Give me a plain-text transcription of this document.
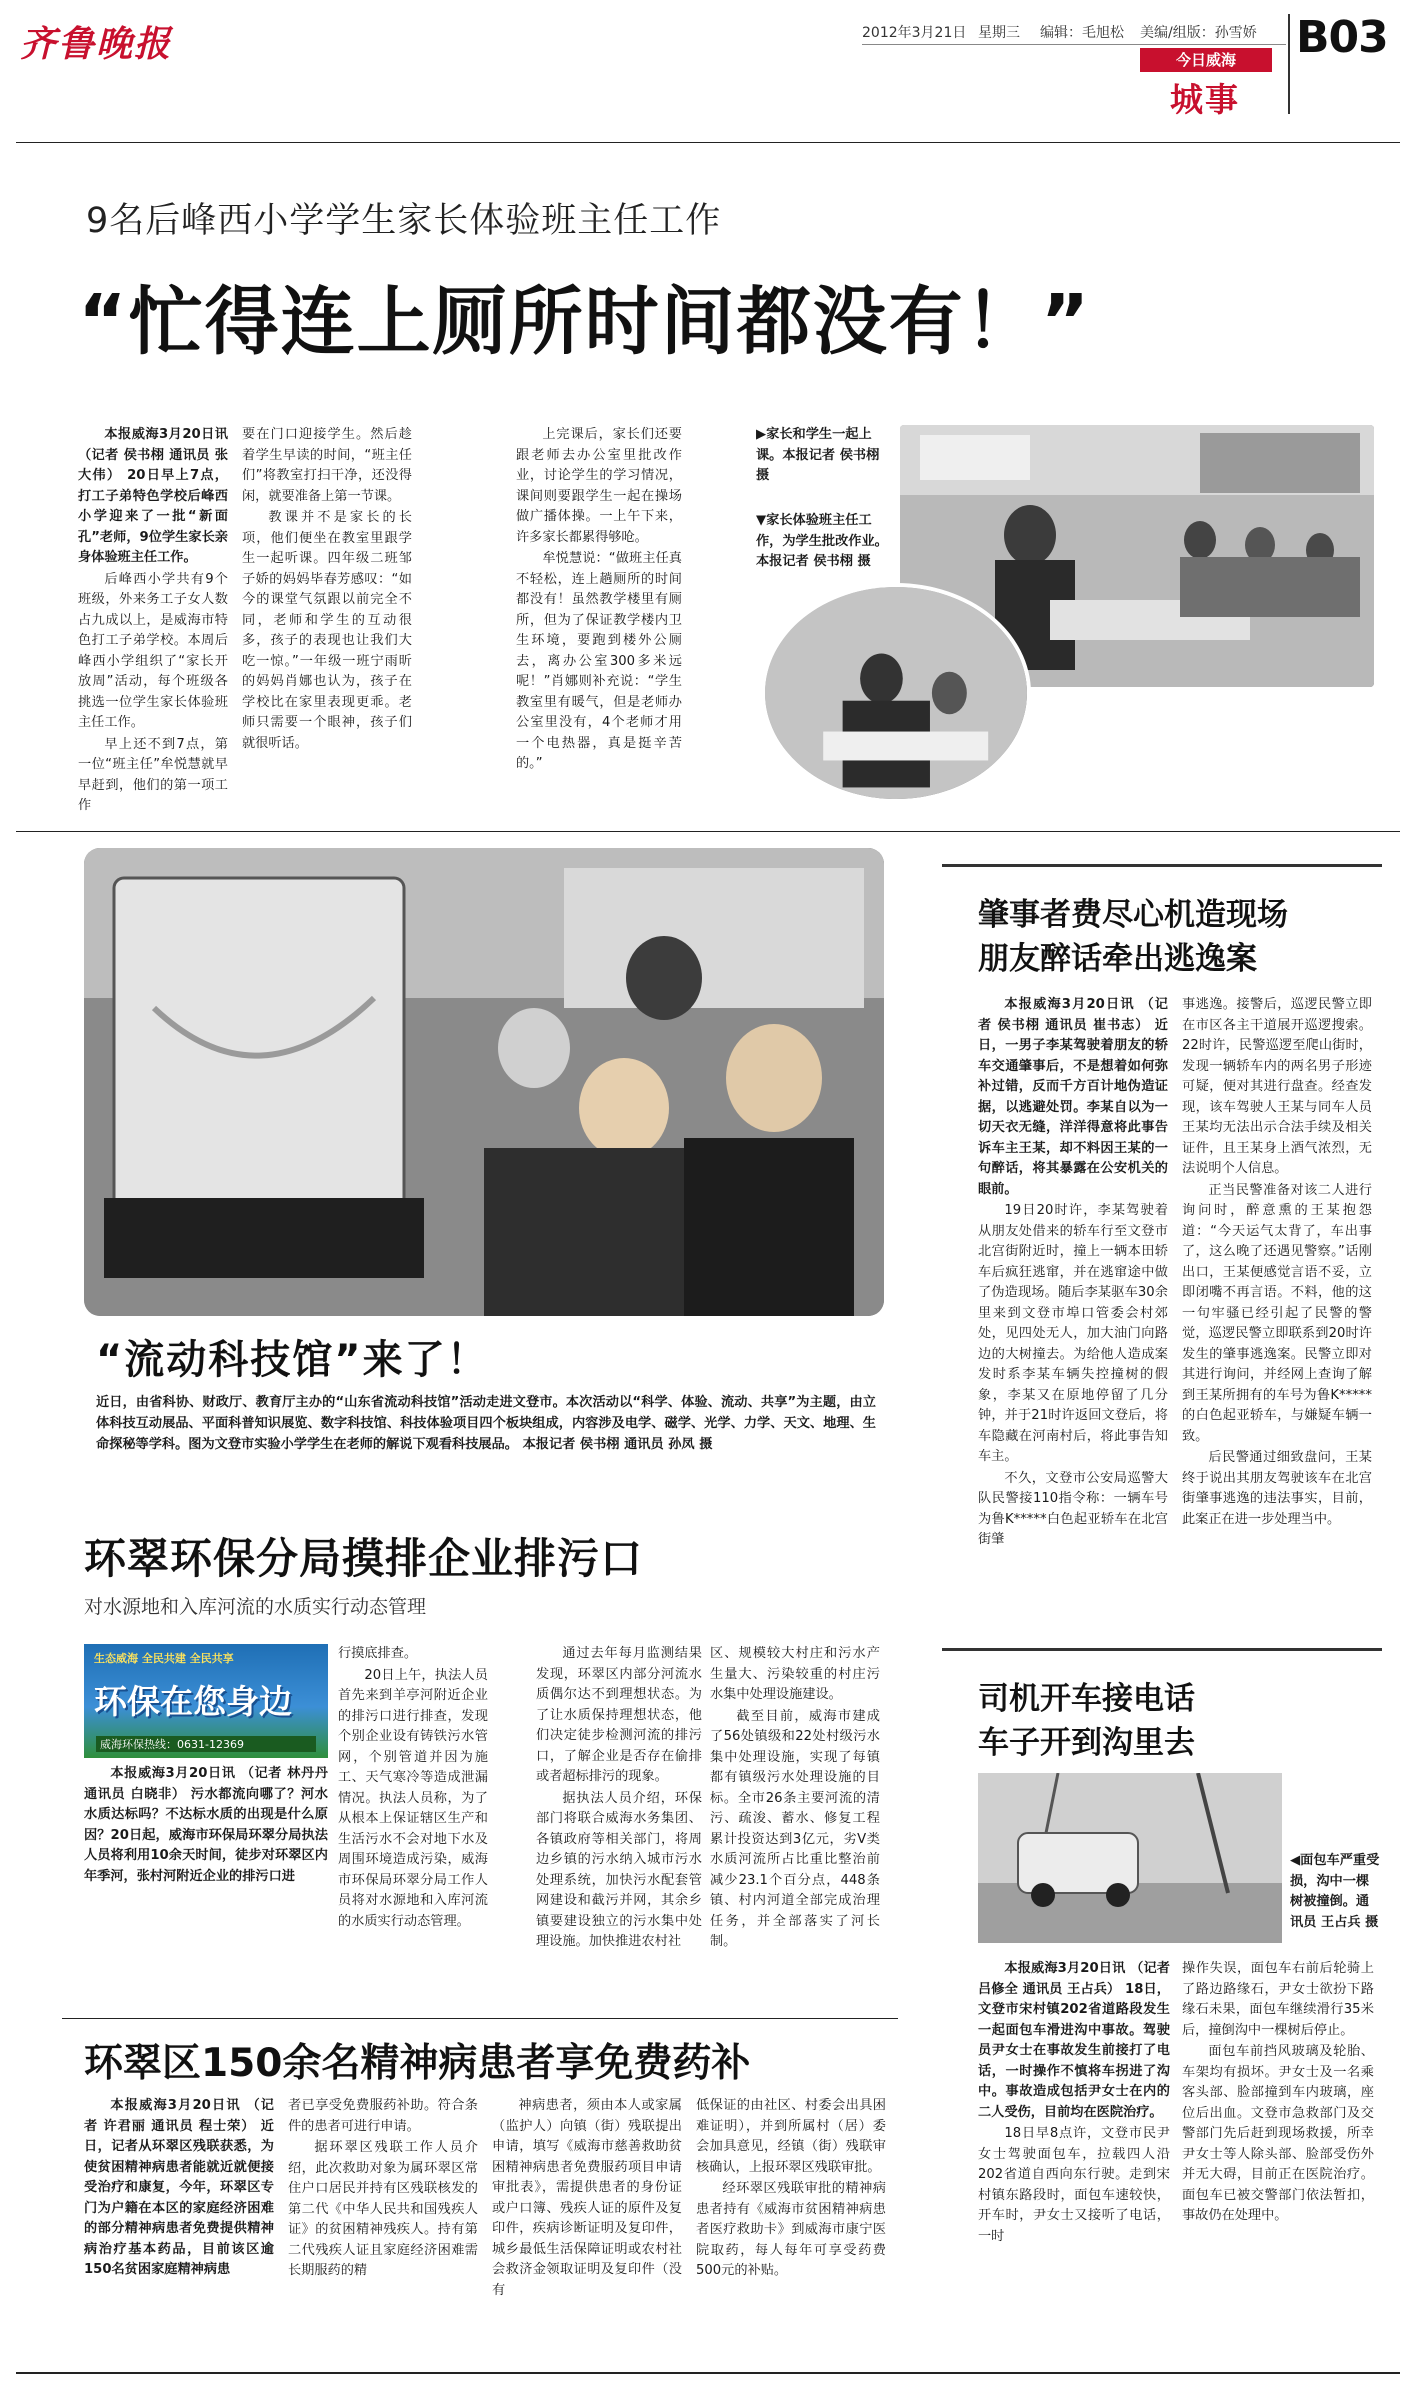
齐鲁晚报	2012年3月21日 星期三 编辑：毛旭松 美编/组版：孙雪娇
今日威海
城事
B03
9名后峰西小学学生家长体验班主任工作
“忙得连上厕所时间都没有！”

本报威海3月20日讯 （记者 侯书栩 通讯员 张大伟） 20日早上7点，打工子弟特色学校后峰西小学迎来了一批“新面孔”老师，9位学生家长亲身体验班主任工作。

后峰西小学共有9个班级，外来务工子女人数占九成以上，是威海市特色打工子弟学校。本周后峰西小学组织了“家长开放周”活动，每个班级各挑选一位学生家长体验班主任工作。

早上还不到7点，第一位“班主任”牟悦慧就早早赶到，他们的第一项工作

要在门口迎接学生。然后趁着学生早读的时间，“班主任们”将教室打扫干净，还没得闲，就要准备上第一节课。

教课并不是家长的长项，他们便坐在教室里跟学生一起听课。四年级二班邹子娇的妈妈毕春芳感叹：“如今的课堂气氛跟以前完全不同，老师和学生的互动很多，孩子的表现也让我们大吃一惊。”一年级一班宁雨昕的妈妈肖娜也认为，孩子在学校比在家里表现更乖。老师只需要一个眼神，孩子们就很听话。

上完课后，家长们还要跟老师去办公室里批改作业，讨论学生的学习情况，课间则要跟学生一起在操场做广播体操。一上午下来，许多家长都累得够呛。

牟悦慧说：“做班主任真不轻松，连上趟厕所的时间都没有！虽然教学楼里有厕所，但为了保证教学楼内卫生环境，要跑到楼外公厕去，离办公室300多米远呢！”肖娜则补充说：“学生教室里有暖气，但是老师办公室里没有，4个老师才用一个电热器，真是挺辛苦的。”

▶家长和学生一起上课。本报记者 侯书栩 摄
▼家长体验班主任工作，为学生批改作业。本报记者 侯书栩 摄
“流动科技馆”来了！
近日，由省科协、财政厅、教育厅主办的“山东省流动科技馆”活动走进文登市。本次活动以“科学、体验、流动、共享”为主题，由立体科技互动展品、平面科普知识展览、数字科技馆、科技体验项目四个板块组成，内容涉及电学、磁学、光学、力学、天文、地理、生命探秘等学科。图为文登市实验小学学生在老师的解说下观看科技展品。 本报记者 侯书栩 通讯员 孙凤 摄
肇事者费尽心机造现场
朋友醉话牵出逃逸案

本报威海3月20日讯 （记者 侯书栩 通讯员 崔书志） 近日，一男子李某驾驶着朋友的轿车交通肇事后，不是想着如何弥补过错，反而千方百计地伪造证据，以逃避处罚。李某自以为一切天衣无缝，洋洋得意将此事告诉车主王某，却不料因王某的一句醉话，将其暴露在公安机关的眼前。

19日20时许，李某驾驶着从朋友处借来的轿车行至文登市北宫街附近时，撞上一辆本田轿车后疯狂逃窜，并在逃窜途中做了伪造现场。随后李某驱车30余里来到文登市埠口管委会村郊处，见四处无人，加大油门向路边的大树撞去。为给他人造成案发时系李某车辆失控撞树的假象，李某又在原地停留了几分钟，并于21时许返回文登后，将车隐藏在河南村后，将此事告知车主。

不久，文登市公安局巡警大队民警接110指令称：一辆车号为鲁K*****白色起亚轿车在北宫街肇

事逃逸。接警后，巡逻民警立即在市区各主干道展开巡逻搜索。22时许，民警巡逻至爬山街时，发现一辆轿车内的两名男子形迹可疑，便对其进行盘查。经查发现，该车驾驶人王某与同车人员王某均无法出示合法手续及相关证件，且王某身上酒气浓烈，无法说明个人信息。

正当民警准备对该二人进行询问时，醉意熏的王某抱怨道：“今天运气太背了，车出事了，这么晚了还遇见警察。”话刚出口，王某便感觉言语不妥，立即闭嘴不再言语。不料，他的这一句牢骚已经引起了民警的警觉，巡逻民警立即联系到20时许发生的肇事逃逸案。民警立即对其进行询问，并经网上查询了解到王某所拥有的车号为鲁K*****的白色起亚轿车，与嫌疑车辆一致。

后民警通过细致盘问，王某终于说出其朋友驾驶该车在北宫街肇事逃逸的违法事实，目前，此案正在进一步处理当中。

环翠环保分局摸排企业排污口
对水源地和入库河流的水质实行动态管理
生态威海 全民共建 全民共享
环保在您身边
威海环保热线：0631-12369

本报威海3月20日讯 （记者 林丹丹 通讯员 白晓非） 污水都流向哪了？河水水质达标吗？不达标水质的出现是什么原因？20日起，威海市环保局环翠分局执法人员将利用10余天时间，徒步对环翠区内年季河，张村河附近企业的排污口进

行摸底排查。

20日上午，执法人员首先来到羊亭河附近企业的排污口进行排查，发现个别企业设有铸铁污水管网，个别管道并因为施工、天气寒冷等造成泄漏情况。执法人员称，为了从根本上保证辖区生产和生活污水不会对地下水及周围环境造成污染，威海市环保局环翠分局工作人员将对水源地和入库河流的水质实行动态管理。

通过去年每月监测结果发现，环翠区内部分河流水质偶尔达不到理想状态。为了让水质保持理想状态，他们决定徒步检测河流的排污口，了解企业是否存在偷排或者超标排污的现象。

据执法人员介绍，环保部门将联合威海水务集团、各镇政府等相关部门，将周边乡镇的污水纳入城市污水处理系统，加快污水配套管网建设和截污并网，其余乡镇要建设独立的污水集中处理设施。加快推进农村社

区、规模较大村庄和污水产生量大、污染较重的村庄污水集中处理设施建设。

截至目前，威海市建成了56处镇级和22处村级污水集中处理设施，实现了每镇都有镇级污水处理设施的目标。全市26条主要河流的清污、疏浚、蓄水、修复工程累计投资达到3亿元，劣Ⅴ类水质河流所占比重比整治前减少23.1个百分点，448条镇、村内河道全部完成治理任务，并全部落实了河长制。

司机开车接电话
车子开到沟里去
◀面包车严重受损，沟中一棵树被撞倒。通讯员 王占兵 摄

本报威海3月20日讯 （记者 吕修全 通讯员 王占兵） 18日，文登市宋村镇202省道路段发生一起面包车滑进沟中事故。驾驶员尹女士在事故发生前接打了电话，一时操作不慎将车拐进了沟中。事故造成包括尹女士在内的二人受伤，目前均在医院治疗。

18日早8点许，文登市民尹女士驾驶面包车，拉载四人沿202省道自西向东行驶。走到宋村镇东路段时，面包车速较快，开车时，尹女士又接听了电话，一时

操作失误，面包车右前后轮骑上了路边路缘石，尹女士欲扮下路缘石未果，面包车继续滑行35米后，撞倒沟中一棵树后停止。

面包车前挡风玻璃及轮胎、车架均有损坏。尹女士及一名乘客头部、脸部撞到车内玻璃，座位后出血。文登市急救部门及交警部门先后赶到现场救援，所幸尹女士等人除头部、脸部受伤外并无大碍，目前正在医院治疗。面包车已被交警部门依法暂扣，事故仍在处理中。

环翠区150余名精神病患者享免费药补

本报威海3月20日讯 （记者 许君丽 通讯员 程士荣） 近日，记者从环翠区残联获悉，为使贫困精神病患者能就近就便接受治疗和康复，今年，环翠区专门为户籍在本区的家庭经济困难的部分精神病患者免费提供精神病治疗基本药品，目前该区逾150名贫困家庭精神病患

者已享受免费服药补助。符合条件的患者可进行申请。

据环翠区残联工作人员介绍，此次救助对象为属环翠区常住户口居民并持有区残联核发的第二代《中华人民共和国残疾人证》的贫困精神残疾人。持有第二代残疾人证且家庭经济困难需长期服药的精

神病患者，须由本人或家属（监护人）向镇（街）残联提出申请，填写《威海市慈善救助贫困精神病患者免费服药项目申请审批表》，需提供患者的身份证或户口簿、残疾人证的原件及复印件，疾病诊断证明及复印件，城乡最低生活保障证明或农村社会救济金领取证明及复印件（没有

低保证的由社区、村委会出具困难证明），并到所属村（居）委会加具意见，经镇（街）残联审核确认，上报环翠区残联审批。

经环翠区残联审批的精神病患者持有《威海市贫困精神病患者医疗救助卡》到威海市康宁医院取药，每人每年可享受药费500元的补贴。
